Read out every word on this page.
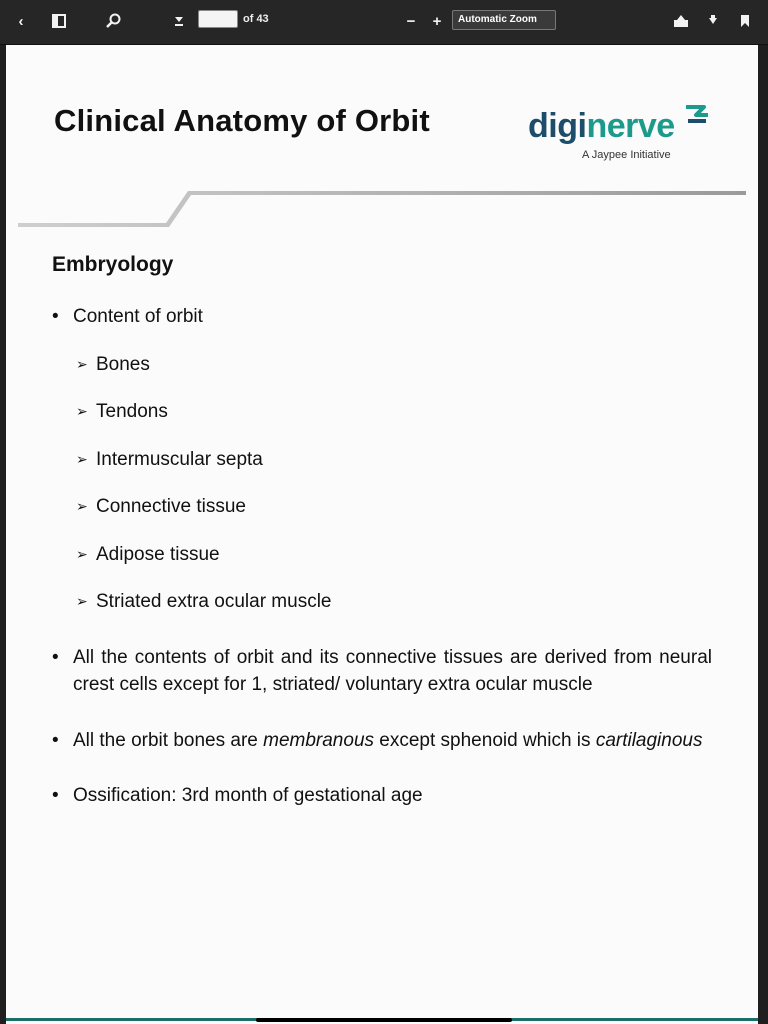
‹	of 43	−	+	Automatic Zoom
Clinical Anatomy of Orbit	diginerve
A Jaypee Initiative
Embryology
• Content of orbit
➢ Bones
➢ Tendons
➢ Intermuscular septa
➢ Connective tissue
➢ Adipose tissue
➢ Striated extra ocular muscle
• All the contents of orbit and its connective tissues are derived from neural crest cells except for 1, striated/ voluntary extra ocular muscle
• All the orbit bones are membranous except sphenoid which is cartilaginous
• Ossification: 3rd month of gestational age
